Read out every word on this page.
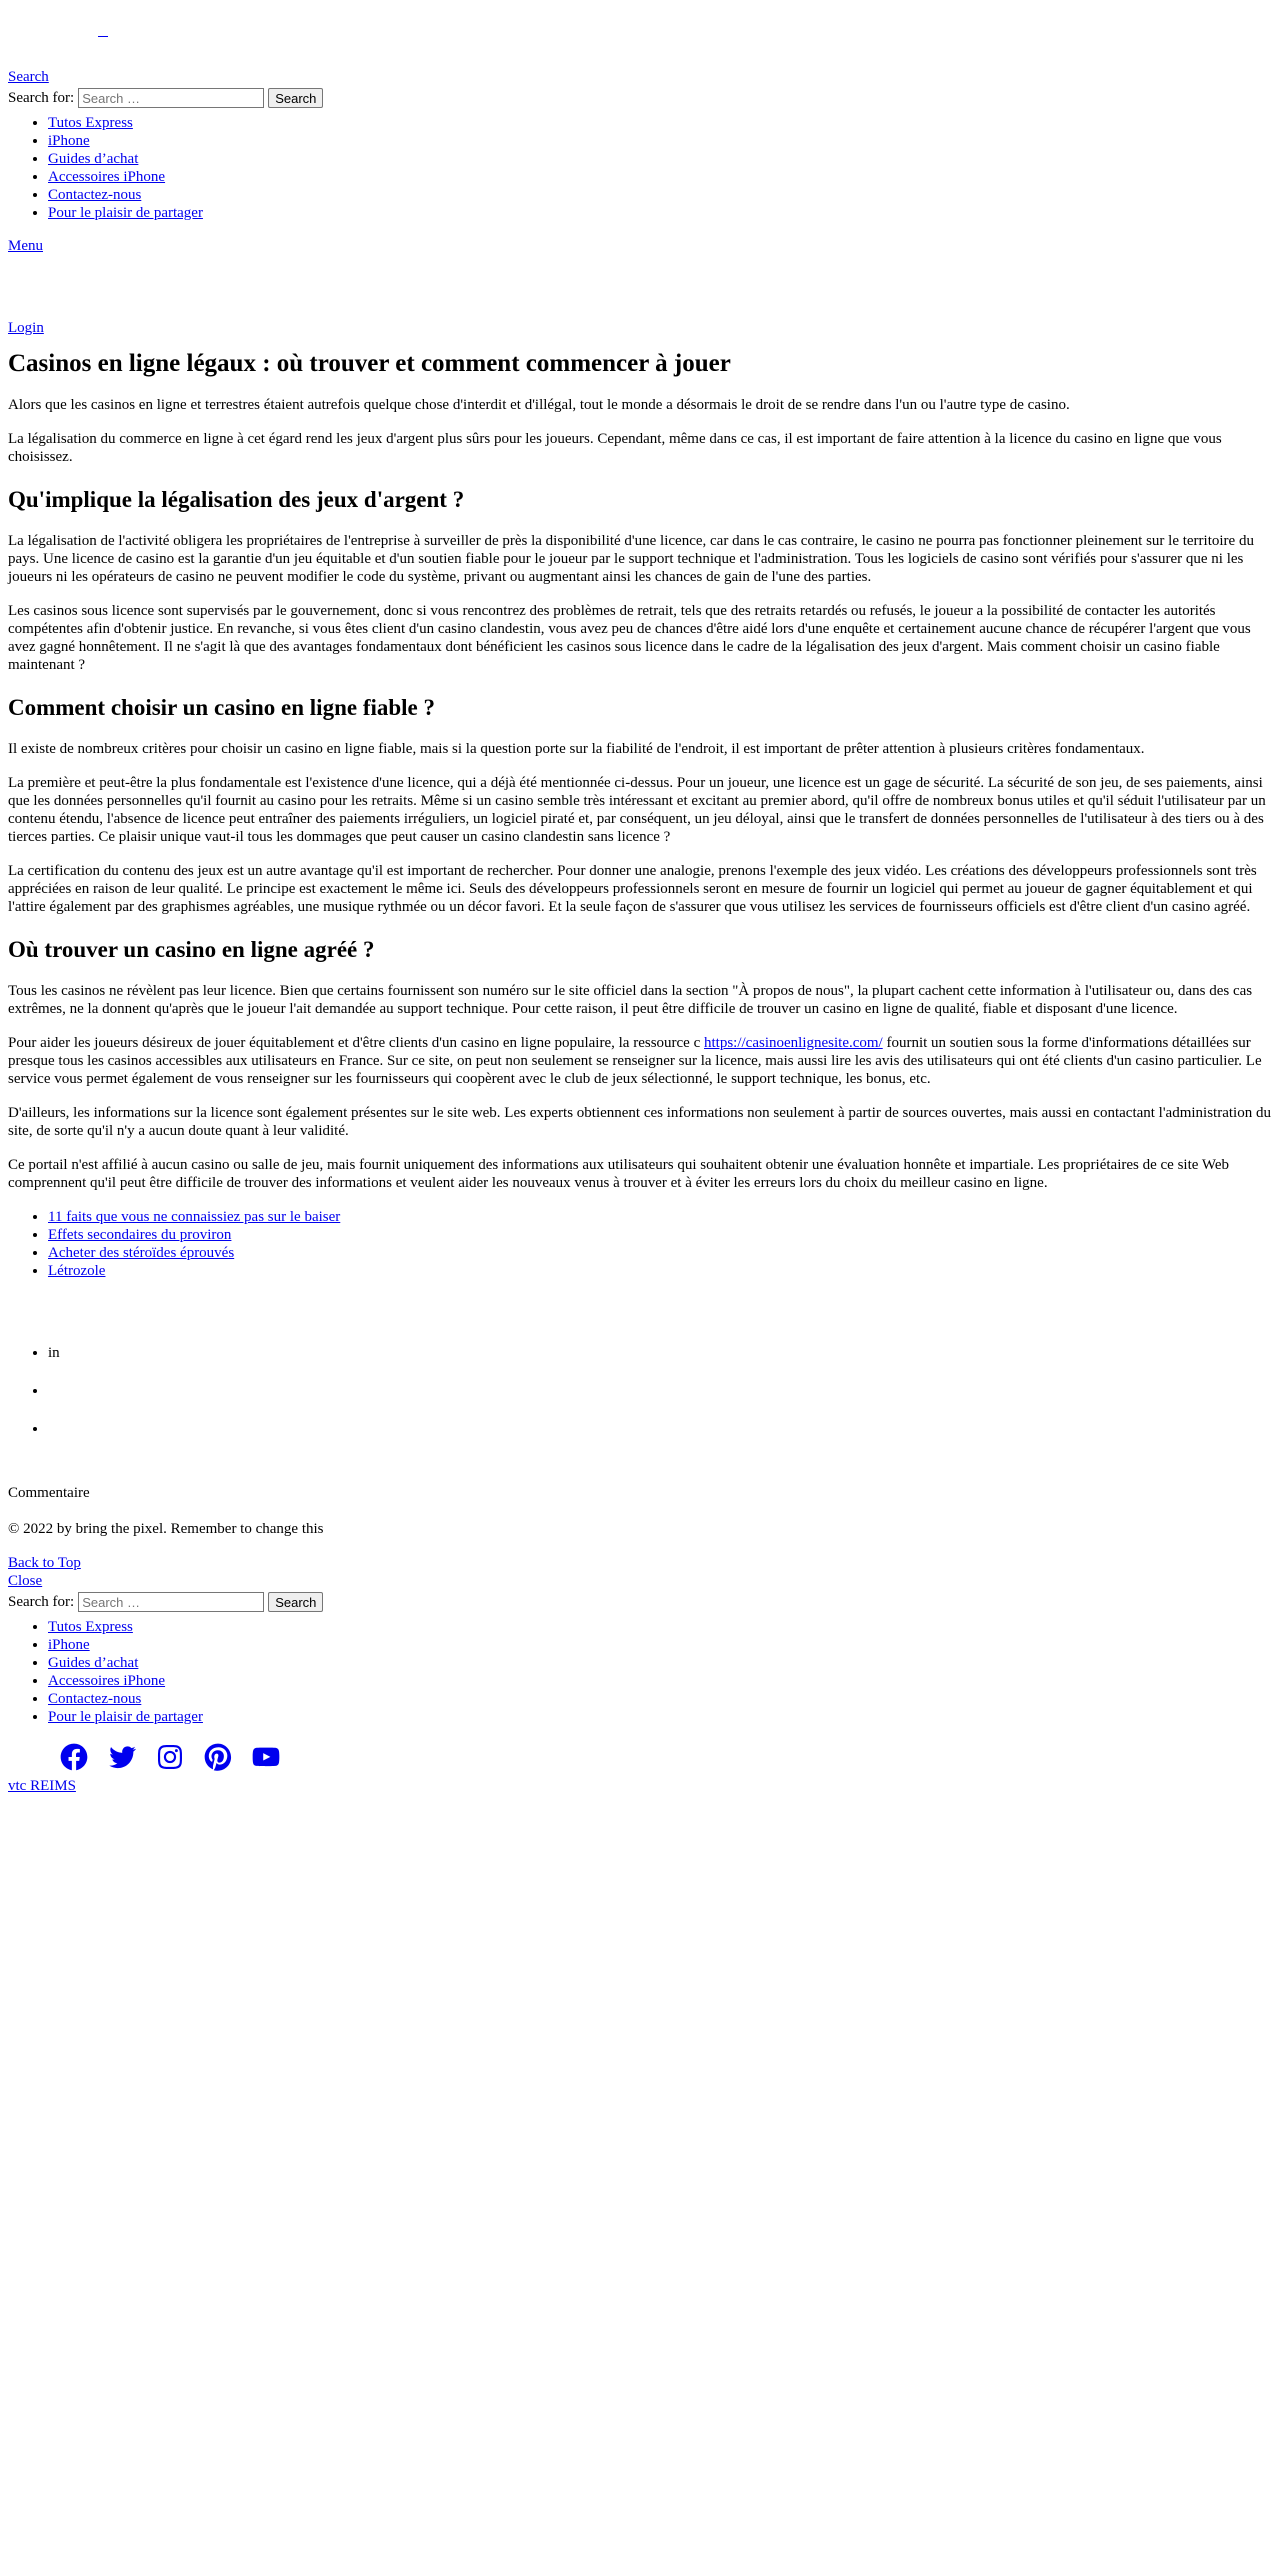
Search
Search for:
Search …	Search
• Tutos Express
• iPhone
• Guides d’achat
• Accessoires iPhone
• Contactez-nous
• Pour le plaisir de partager
Menu
Login
Casinos en ligne légaux : où trouver et comment commencer à jouer

Alors que les casinos en ligne et terrestres étaient autrefois quelque chose d'interdit et d'illégal, tout le monde a désormais le droit de se rendre dans l'un ou l'autre type de casino.

La légalisation du commerce en ligne à cet égard rend les jeux d'argent plus sûrs pour les joueurs. Cependant, même dans ce cas, il est important de faire attention à la licence du casino en ligne que vous choisissez.

Qu'implique la légalisation des jeux d'argent ?

La légalisation de l'activité obligera les propriétaires de l'entreprise à surveiller de près la disponibilité d'une licence, car dans le cas contraire, le casino ne pourra pas fonctionner pleinement sur le territoire du pays. Une licence de casino est la garantie d'un jeu équitable et d'un soutien fiable pour le joueur par le support technique et l'administration. Tous les logiciels de casino sont vérifiés pour s'assurer que ni les joueurs ni les opérateurs de casino ne peuvent modifier le code du système, privant ou augmentant ainsi les chances de gain de l'une des parties.

Les casinos sous licence sont supervisés par le gouvernement, donc si vous rencontrez des problèmes de retrait, tels que des retraits retardés ou refusés, le joueur a la possibilité de contacter les autorités compétentes afin d'obtenir justice. En revanche, si vous êtes client d'un casino clandestin, vous avez peu de chances d'être aidé lors d'une enquête et certainement aucune chance de récupérer l'argent que vous avez gagné honnêtement. Il ne s'agit là que des avantages fondamentaux dont bénéficient les casinos sous licence dans le cadre de la légalisation des jeux d'argent. Mais comment choisir un casino fiable maintenant ?

Comment choisir un casino en ligne fiable ?

Il existe de nombreux critères pour choisir un casino en ligne fiable, mais si la question porte sur la fiabilité de l'endroit, il est important de prêter attention à plusieurs critères fondamentaux.

La première et peut-être la plus fondamentale est l'existence d'une licence, qui a déjà été mentionnée ci-dessus. Pour un joueur, une licence est un gage de sécurité. La sécurité de son jeu, de ses paiements, ainsi que les données personnelles qu'il fournit au casino pour les retraits. Même si un casino semble très intéressant et excitant au premier abord, qu'il offre de nombreux bonus utiles et qu'il séduit l'utilisateur par un contenu étendu, l'absence de licence peut entraîner des paiements irréguliers, un logiciel piraté et, par conséquent, un jeu déloyal, ainsi que le transfert de données personnelles de l'utilisateur à des tiers ou à des tierces parties. Ce plaisir unique vaut-il tous les dommages que peut causer un casino clandestin sans licence ?

La certification du contenu des jeux est un autre avantage qu'il est important de rechercher. Pour donner une analogie, prenons l'exemple des jeux vidéo. Les créations des développeurs professionnels sont très appréciées en raison de leur qualité. Le principe est exactement le même ici. Seuls des développeurs professionnels seront en mesure de fournir un logiciel qui permet au joueur de gagner équitablement et qui l'attire également par des graphismes agréables, une musique rythmée ou un décor favori. Et la seule façon de s'assurer que vous utilisez les services de fournisseurs officiels est d'être client d'un casino agréé.

Où trouver un casino en ligne agréé ?

Tous les casinos ne révèlent pas leur licence. Bien que certains fournissent son numéro sur le site officiel dans la section "À propos de nous", la plupart cachent cette information à l'utilisateur ou, dans des cas extrêmes, ne la donnent qu'après que le joueur l'ait demandée au support technique. Pour cette raison, il peut être difficile de trouver un casino en ligne de qualité, fiable et disposant d'une licence.

Pour aider les joueurs désireux de jouer équitablement et d'être clients d'un casino en ligne populaire, la ressource c https://casinoenlignesite.com/ fournit un soutien sous la forme d'informations détaillées sur presque tous les casinos accessibles aux utilisateurs en France. Sur ce site, on peut non seulement se renseigner sur la licence, mais aussi lire les avis des utilisateurs qui ont été clients d'un casino particulier. Le service vous permet également de vous renseigner sur les fournisseurs qui coopèrent avec le club de jeux sélectionné, le support technique, les bonus, etc.

D'ailleurs, les informations sur la licence sont également présentes sur le site web. Les experts obtiennent ces informations non seulement à partir de sources ouvertes, mais aussi en contactant l'administration du site, de sorte qu'il n'y a aucun doute quant à leur validité.

Ce portail n'est affilié à aucun casino ou salle de jeu, mais fournit uniquement des informations aux utilisateurs qui souhaitent obtenir une évaluation honnête et impartiale. Les propriétaires de ce site Web comprennent qu'il peut être difficile de trouver des informations et veulent aider les nouveaux venus à trouver et à éviter les erreurs lors du choix du meilleur casino en ligne.

• 11 faits que vous ne connaissiez pas sur le baiser
• Effets secondaires du proviron
• Acheter des stéroïdes éprouvés
• Létrozole
• in
•
•
Commentaire

© 2022 by bring the pixel. Remember to change this

Back to Top
Close
Search for:
Search …	Search
• Tutos Express
• iPhone
• Guides d’achat
• Accessoires iPhone
• Contactez-nous
• Pour le plaisir de partager
vtc REIMS
